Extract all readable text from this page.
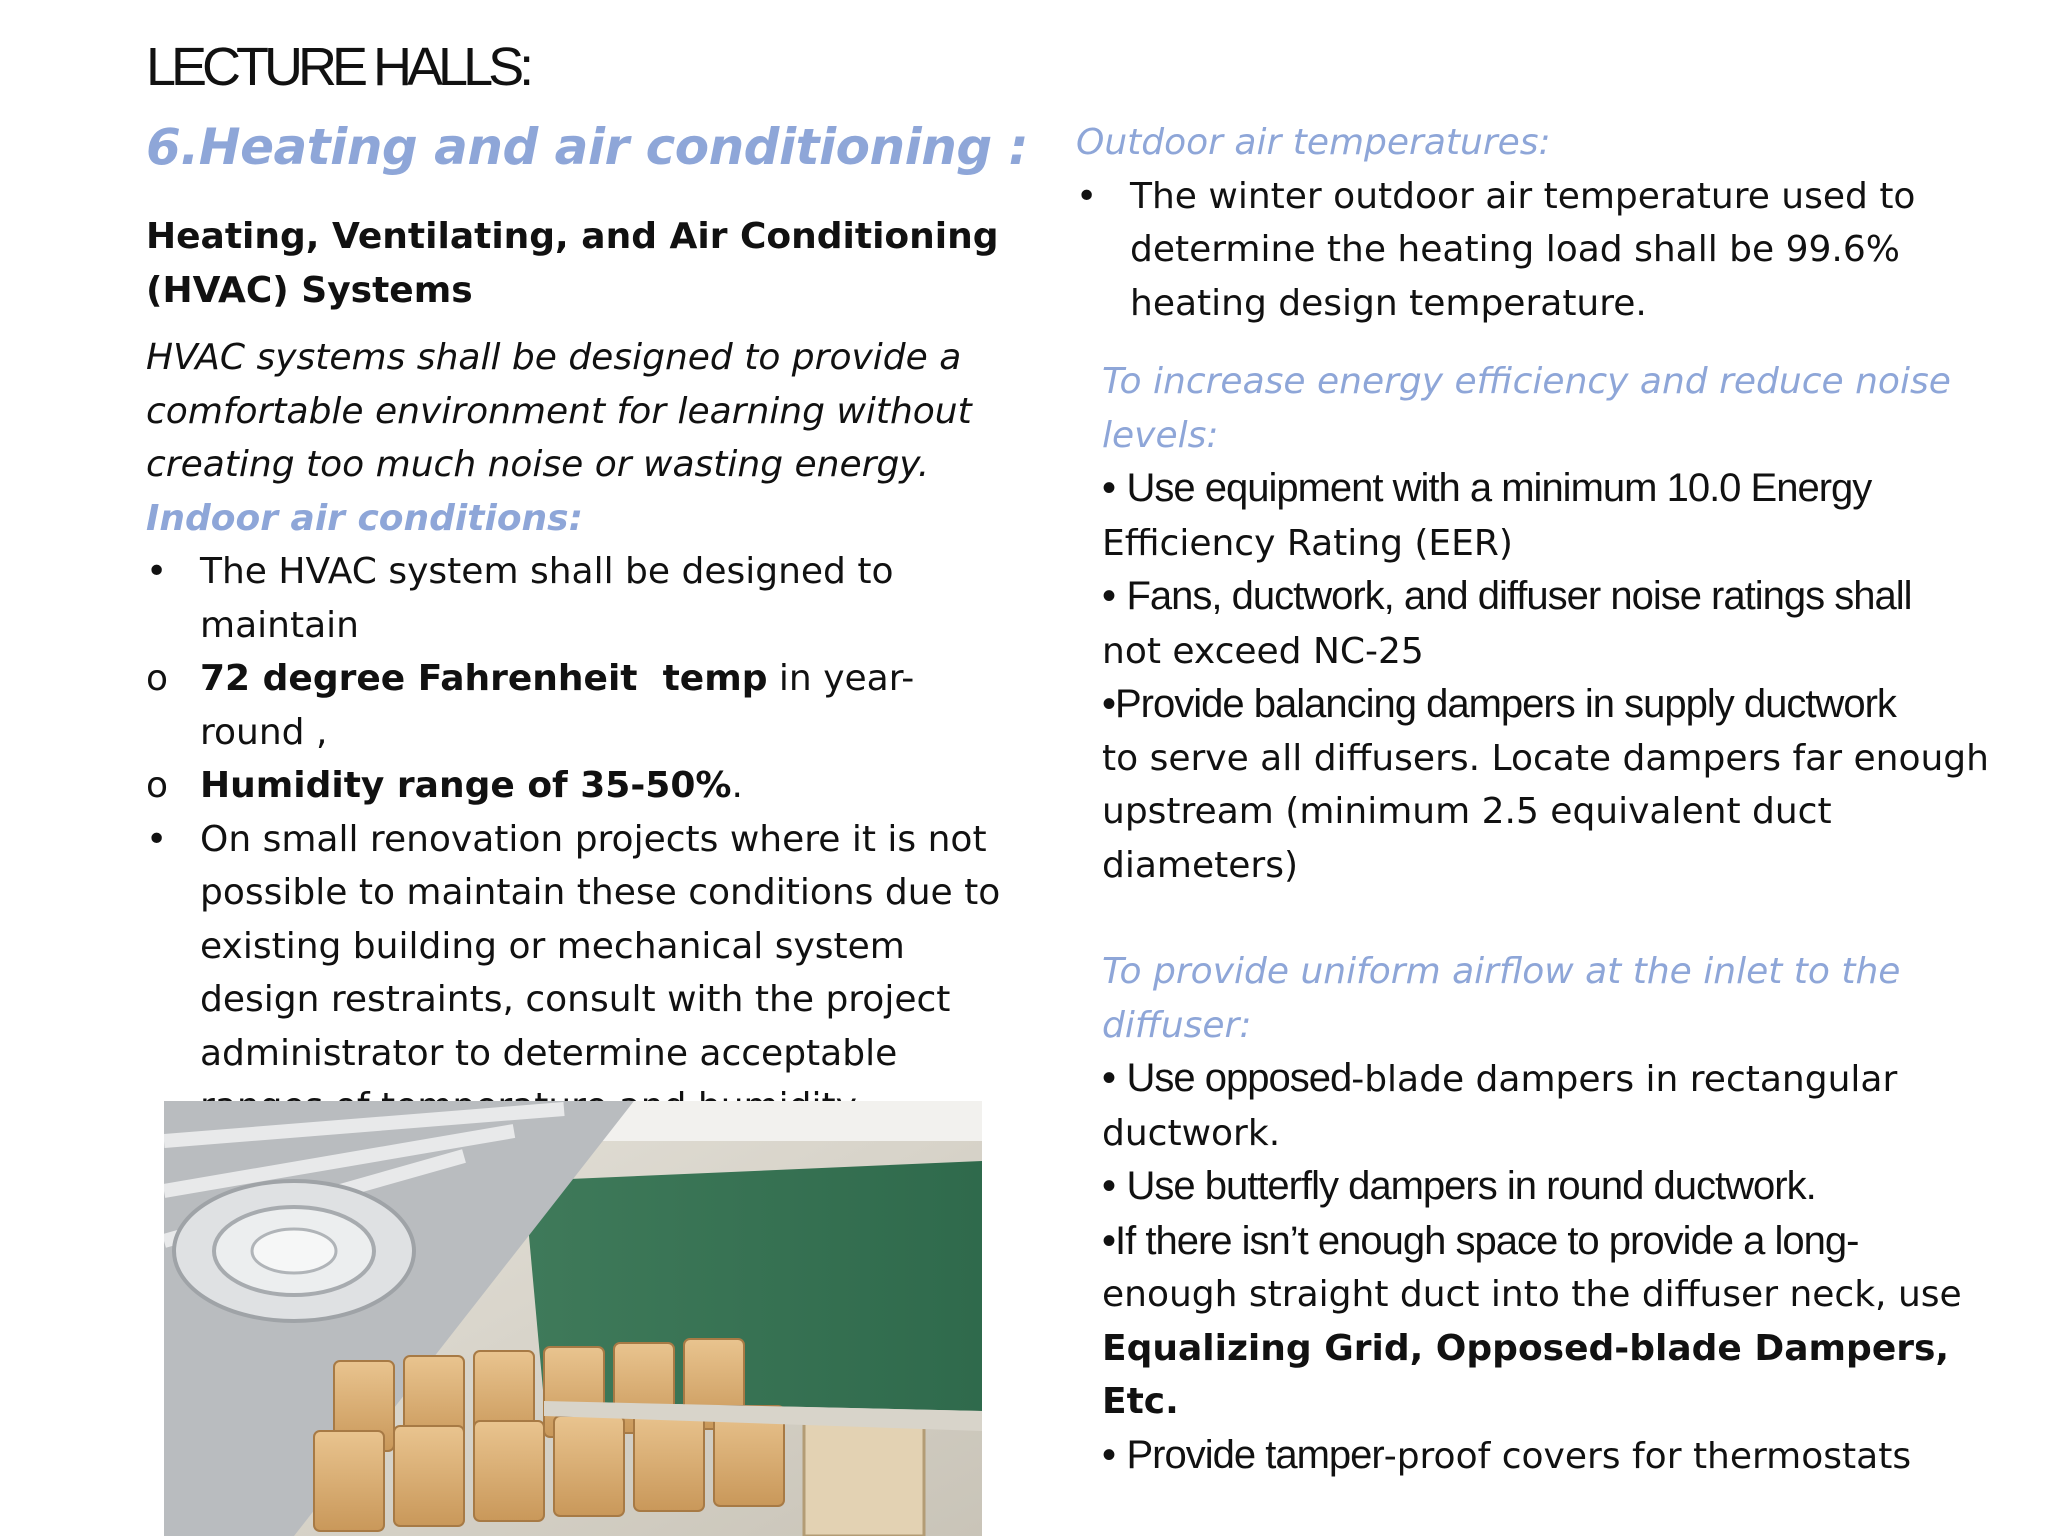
LECTURE HALLS:
6.Heating and air conditioning :

Heating, Ventilating, and Air Conditioning

(HVAC) Systems

HVAC systems shall be designed to provide a

comfortable environment for learning without

creating too much noise or wasting energy.

Indoor air conditions:

• The HVAC system shall be designed to
maintain
o 72 degree Fahrenheit  temp in year-round ,
o Humidity range of 35-50%.
• On small renovation projects where it is not
possible to maintain these conditions due to
existing building or mechanical system
design restraints, consult with the project
administrator to determine acceptable

Outdoor air temperatures:

• The winter outdoor air temperature used to
determine the heating load shall be 99.6%
heating design temperature.

To increase energy efficiency and reduce noise

levels:

• Use equipment with a minimum 10.0 Energy

Efficiency Rating (EER)

• Fans, ductwork, and diffuser noise ratings shall

not exceed NC-25

•Provide balancing dampers in supply ductwork

to serve all diffusers. Locate dampers far enough

upstream (minimum 2.5 equivalent duct

diameters)

To provide uniform airflow at the inlet to the

diffuser:

• Use opposed-blade dampers in rectangular

ductwork.

• Use butterfly dampers in round ductwork.

•If there isn’t enough space to provide a long-

enough straight duct into the diffuser neck, use

Equalizing Grid, Opposed-blade Dampers, Etc.

• Provide tamper-proof covers for thermostats
